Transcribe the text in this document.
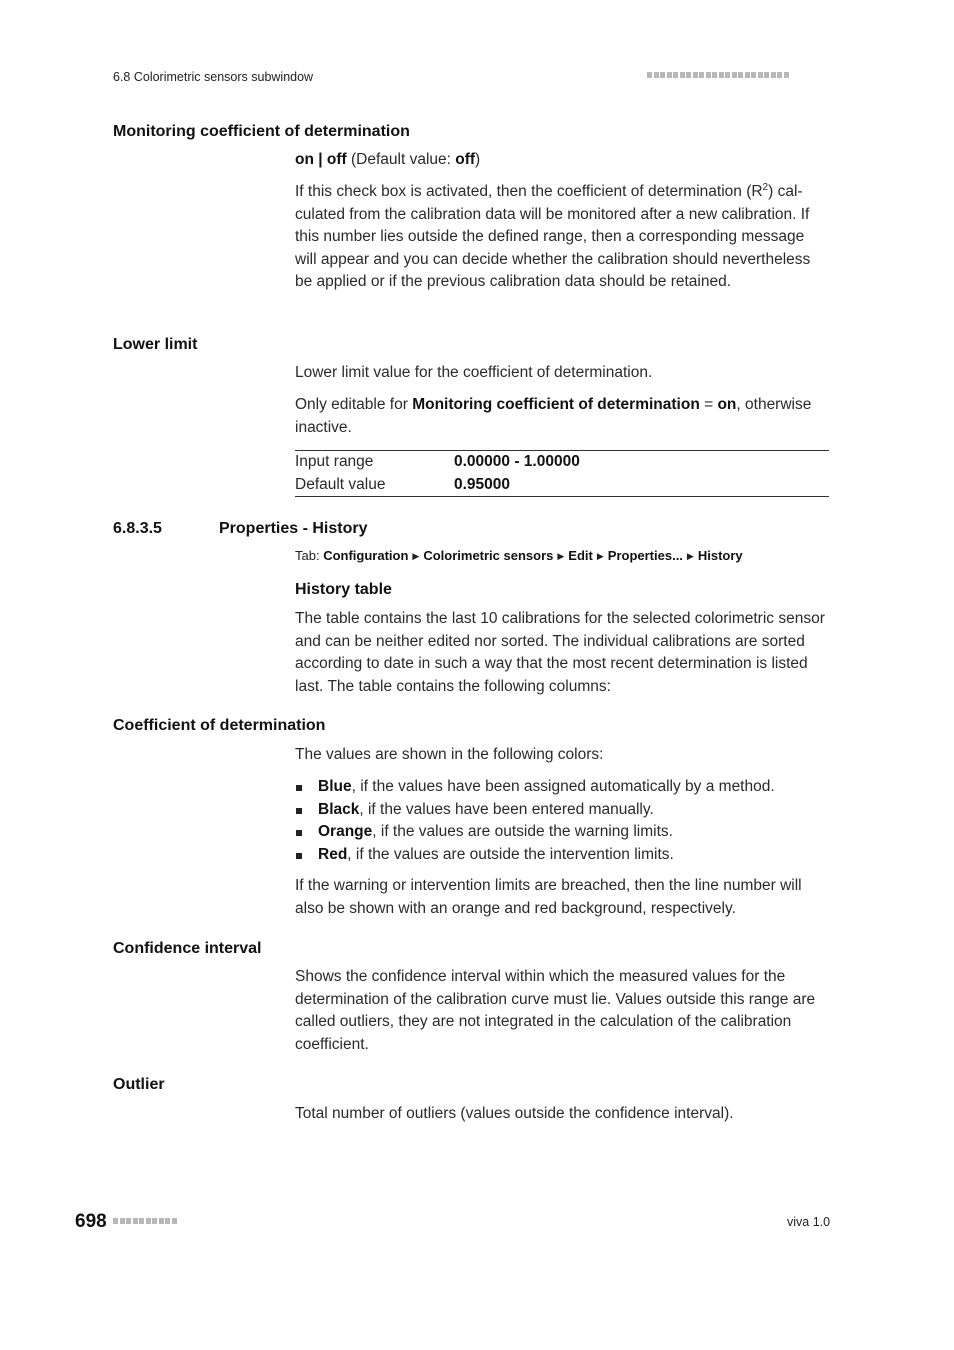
6.8 Colorimetric sensors subwindow
Monitoring coefficient of determination

on | off (Default value: off)

If this check box is activated, then the coefficient of determination $(R^2)$ calculated from the calibration data will be monitored after a new calibration. If this number lies outside the defined range, then a corresponding message will appear and you can decide whether the calibration should nevertheless be applied or if the previous calibration data should be retained.

Lower limit
Lower limit value for the coefficient of determination.

Only editable for Monitoring coefficient of determination = on, otherwise inactive.

Input range	0.00000 - 1.00000
Default value	0.95000
6.8.3.5	Properties - History
Tab: Configuration ▶ Colorimetric sensors ▶ Edit ▶ Properties... ▶ History
History table
The table contains the last 10 calibrations for the selected colorimetric sensor and can be neither edited nor sorted. The individual calibrations are sorted according to date in such a way that the most recent determination is listed last. The table contains the following columns:
Coefficient of determination
The values are shown in the following colors:
Blue, if the values have been assigned automatically by a method.
Black, if the values have been entered manually.
Orange, if the values are outside the warning limits.
Red, if the values are outside the intervention limits.
If the warning or intervention limits are breached, then the line number will also be shown with an orange and red background, respectively.
Confidence interval
Shows the confidence interval within which the measured values for the determination of the calibration curve must lie. Values outside this range are called outliers, they are not integrated in the calculation of the calibration coefficient.
Outlier
Total number of outliers (values outside the confidence interval).
698	viva 1.0
